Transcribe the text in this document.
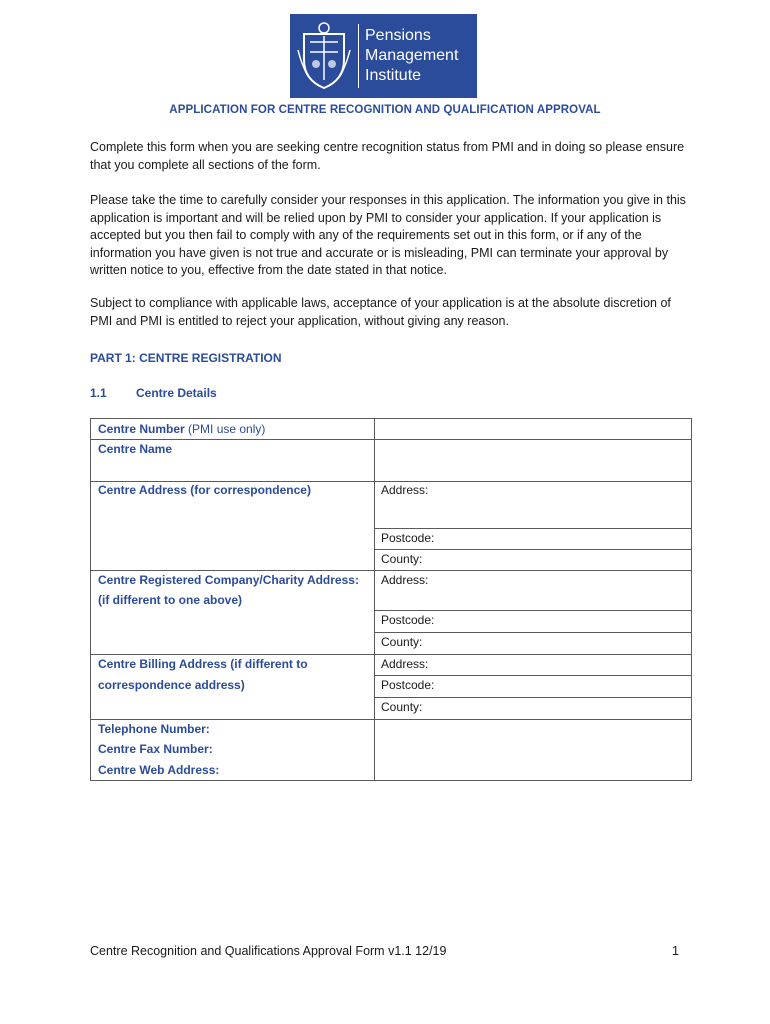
Pensions
Management
Institute
APPLICATION FOR CENTRE RECOGNITION AND QUALIFICATION APPROVAL
Complete this form when you are seeking centre recognition status from PMI and in doing so please ensure that you complete all sections of the form.
Please take the time to carefully consider your responses in this application. The information you give in this application is important and will be relied upon by PMI to consider your application. If your application is accepted but you then fail to comply with any of the requirements set out in this form, or if any of the information you have given is not true and accurate or is misleading, PMI can terminate your approval by written notice to you, effective from the date stated in that notice.
Subject to compliance with applicable laws, acceptance of your application is at the absolute discretion of PMI and PMI is entitled to reject your application, without giving any reason.
PART 1: CENTRE REGISTRATION
1.1 Centre Details
Centre Number (PMI use only)
Centre Name
Centre Address (for correspondence)
Centre Registered Company/Charity Address:
(if different to one above)
Centre Billing Address (if different to
correspondence address)
Telephone Number:
Centre Fax Number:
Centre Web Address:
Address:
Postcode:
County:
Address:
Postcode:
County:
Address:
Postcode:
County:
Centre Recognition and Qualifications Approval Form v1.1 12/19	1
